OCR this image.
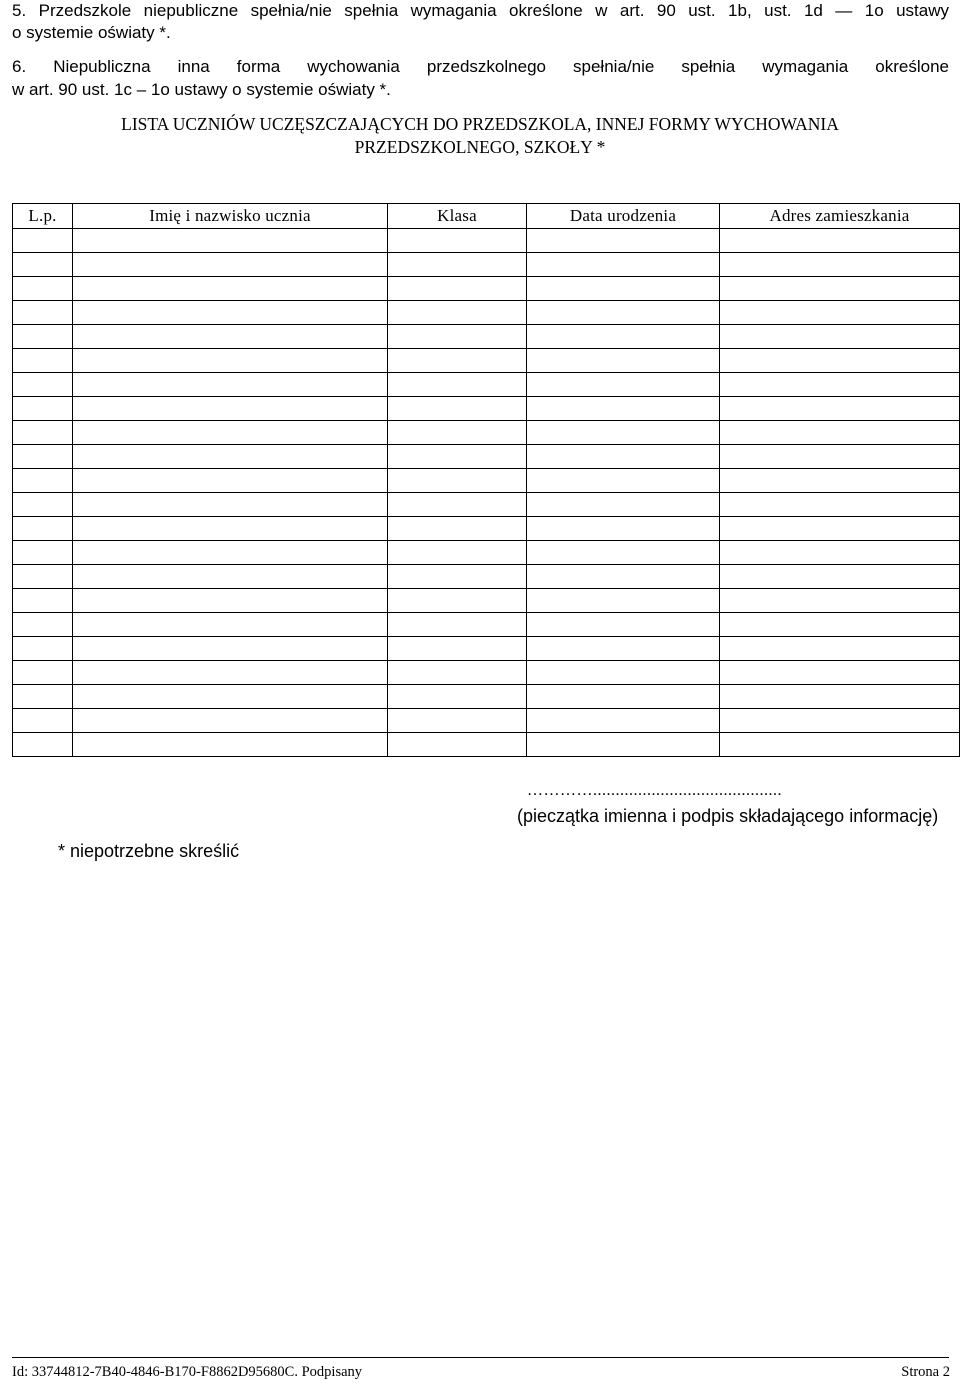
5. Przedszkole niepubliczne spełnia/nie spełnia wymagania określone w art. 90 ust. 1b, ust. 1d — 1o ustawy
o systemie oświaty *.
6. Niepubliczna inna forma wychowania przedszkolnego spełnia/nie spełnia wymagania określone
w art. 90 ust. 1c – 1o ustawy o systemie oświaty *.
LISTA UCZNIÓW UCZĘSZCZAJĄCYCH DO PRZEDSZKOLA, INNEJ FORMY WYCHOWANIA
PRZEDSZKOLNEGO, SZKOŁY *
L.p.	Imię i nazwisko ucznia	Klasa	Data urodzenia	Adres zamieszkania

…………..........................................
(pieczątka imienna i podpis składającego informację)
* niepotrzebne skreślić
Id: 33744812-7B40-4846-B170-F8862D95680C. Podpisany	Strona 2
